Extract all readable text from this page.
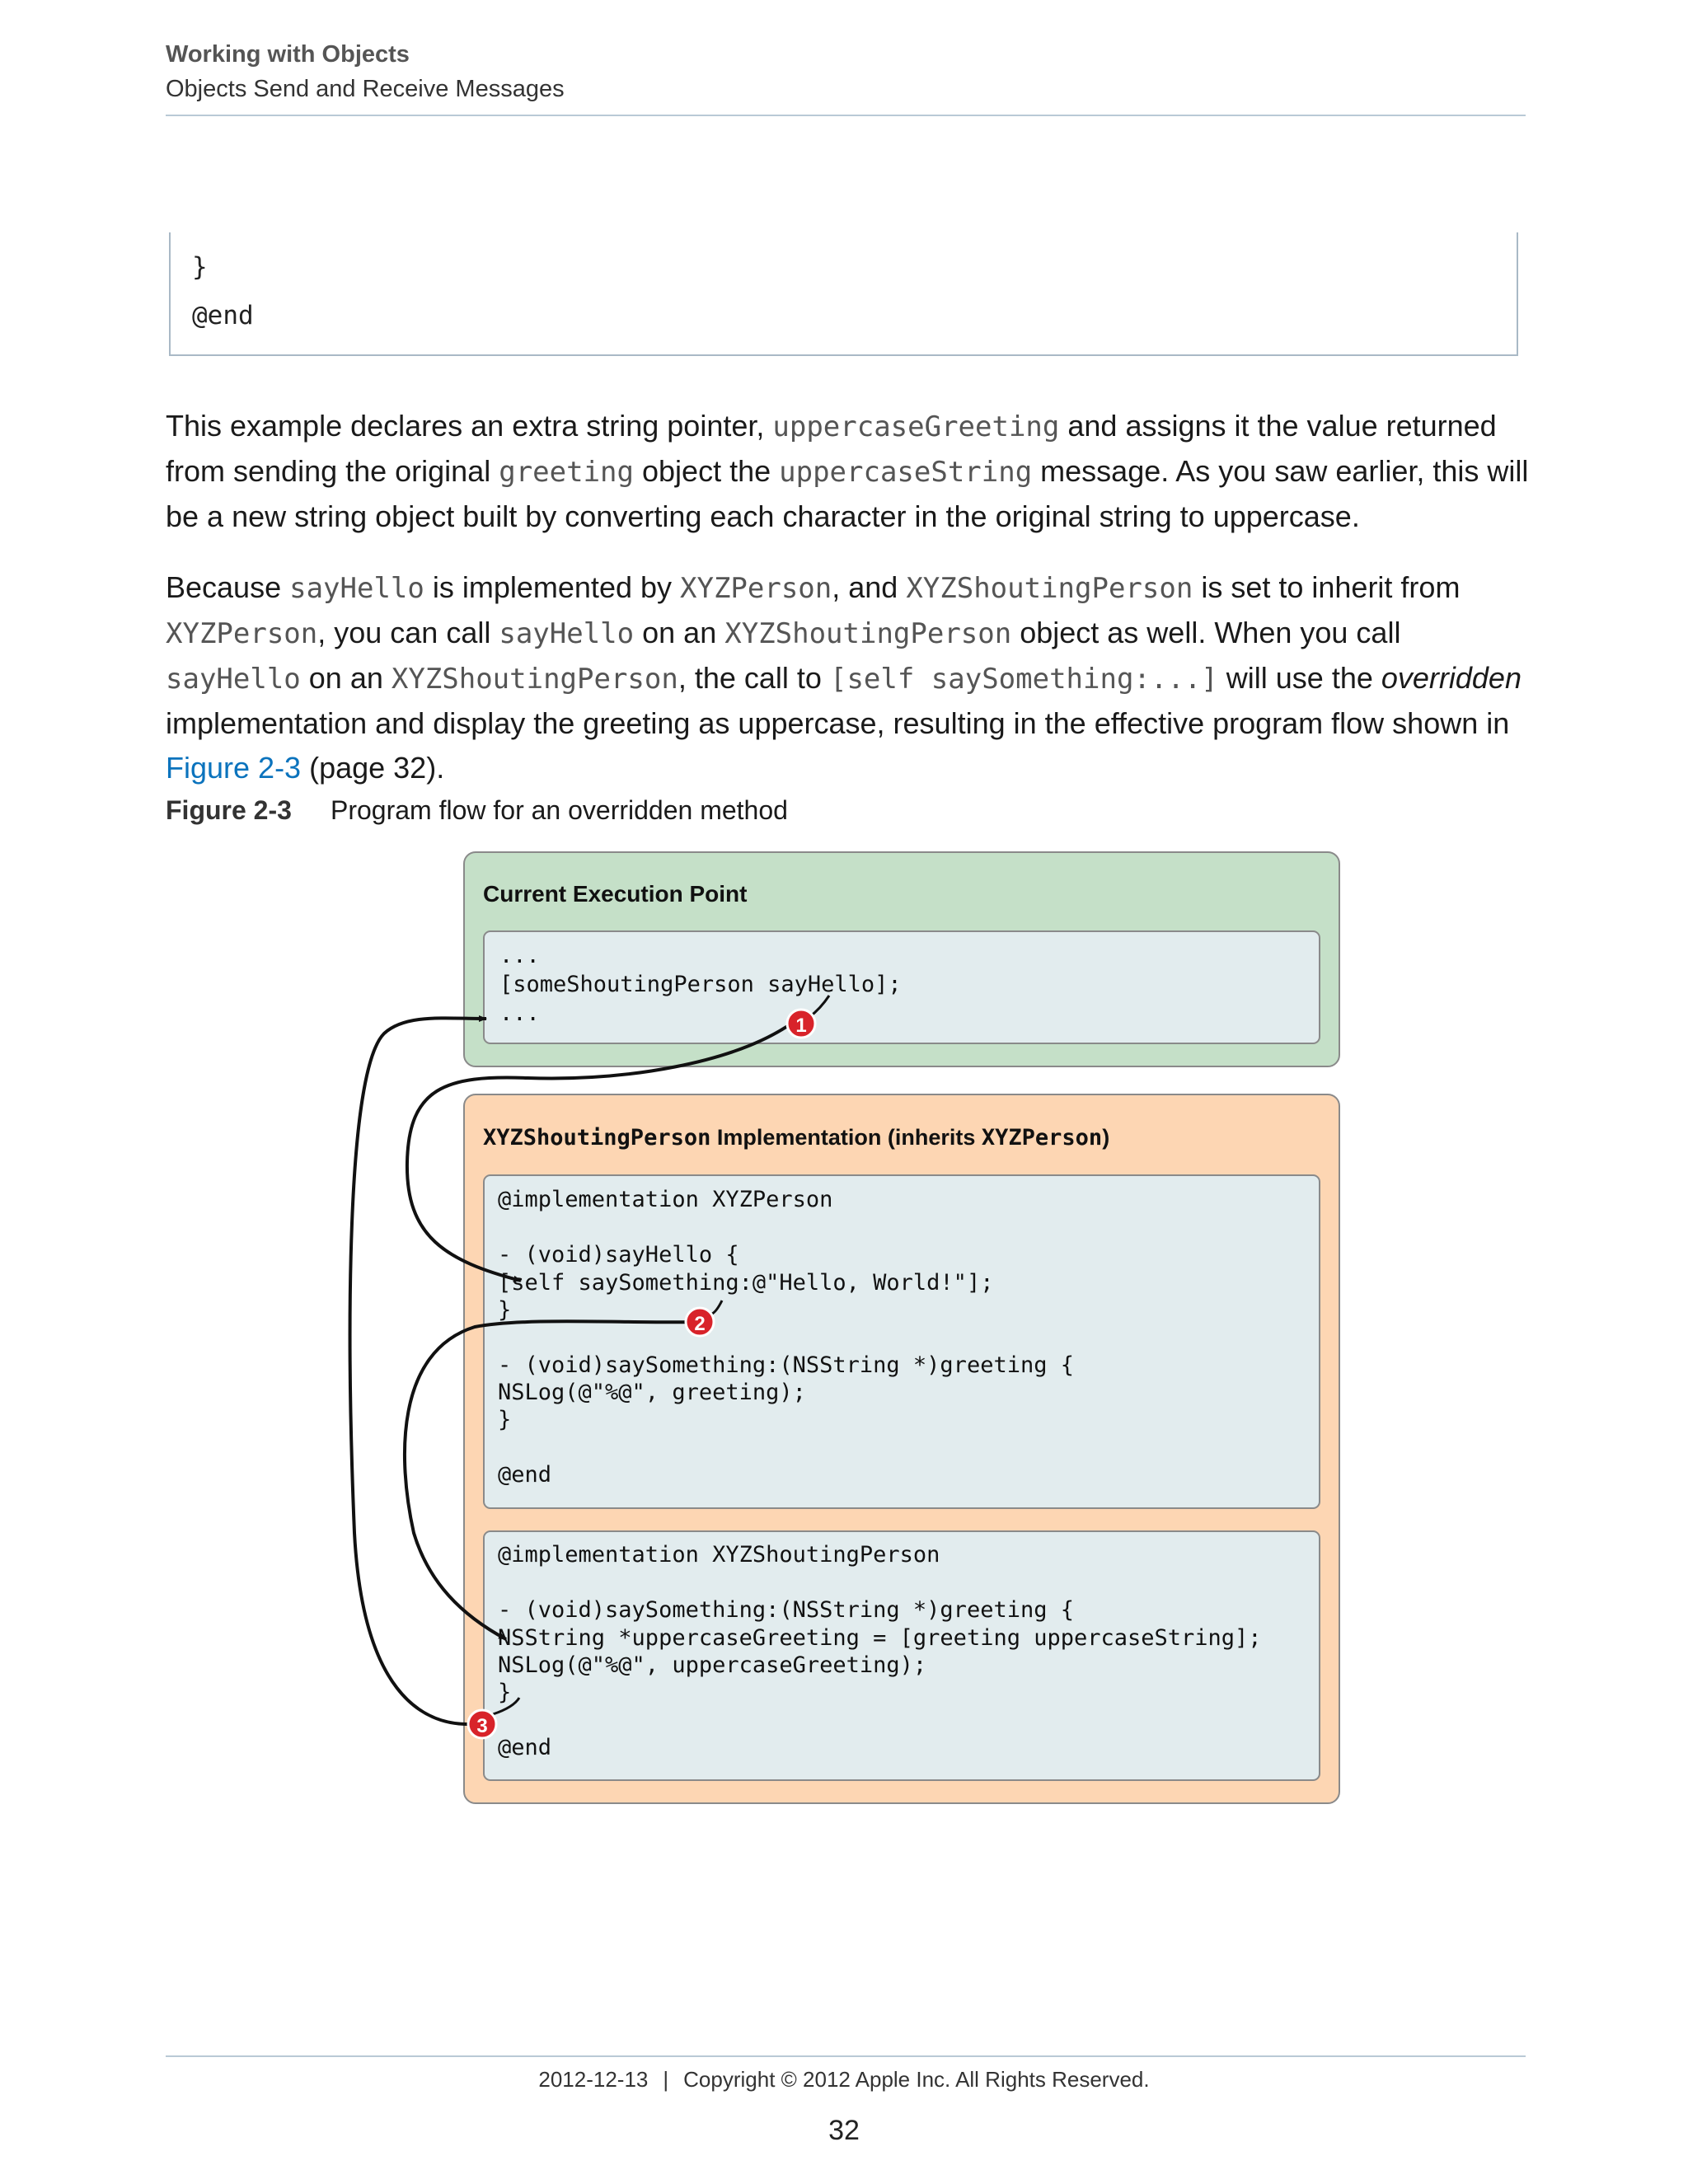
Working with Objects
Objects Send and Receive Messages
}
@end
This example declares an extra string pointer, uppercaseGreeting and assigns it the value returned from sending the original greeting object the uppercaseString message. As you saw earlier, this will be a new string object built by converting each character in the original string to uppercase.
Because sayHello is implemented by XYZPerson, and XYZShoutingPerson is set to inherit from XYZPerson, you can call sayHello on an XYZShoutingPerson object as well. When you call sayHello on an XYZShoutingPerson, the call to [self saySomething:...] will use the overridden implementation and display the greeting as uppercase, resulting in the effective program flow shown in Figure 2-3 (page 32).
Figure 2-3 Program flow for an overridden method
Current Execution Point
...
[someShoutingPerson sayHello];
...
XYZShoutingPerson Implementation (inherits XYZPerson)
@implementation XYZPerson
- (void)sayHello {
[self saySomething:@"Hello, World!"];
}
- (void)saySomething:(NSString *)greeting {
NSLog(@"%@", greeting);
}
@end
@implementation XYZShoutingPerson
- (void)saySomething:(NSString *)greeting {
NSString *uppercaseGreeting = [greeting uppercaseString];
NSLog(@"%@", uppercaseGreeting);
}
@end
1
2
3
2012-12-13 | Copyright © 2012 Apple Inc. All Rights Reserved.
32
